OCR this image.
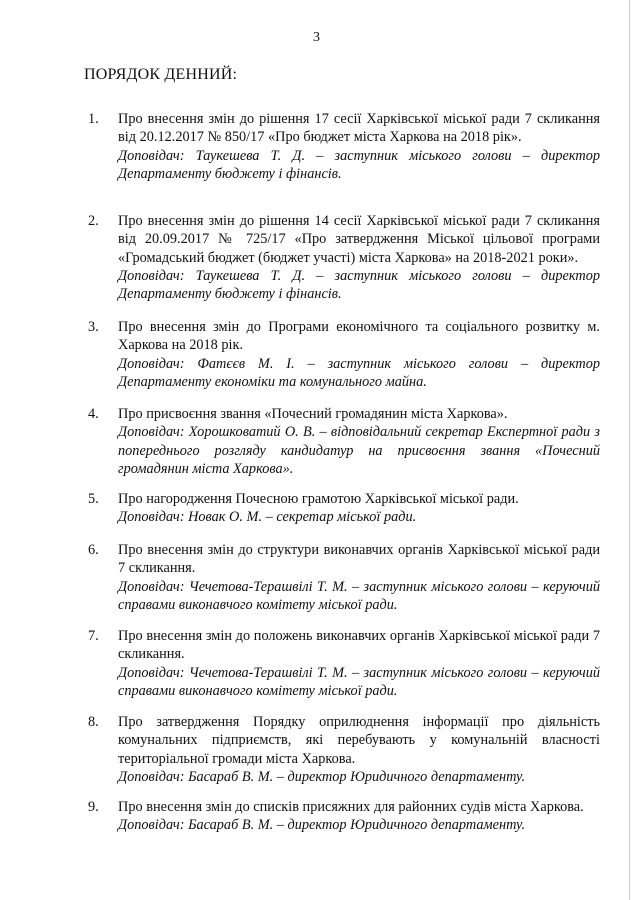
3
ПОРЯДОК ДЕННИЙ:
1. Про внесення змін до рішення 17 сесії Харківської міської ради 7 скликання від 20.12.2017 № 850/17 «Про бюджет міста Харкова на 2018 рік».
Доповідач: Таукешева Т. Д. – заступник міського голови – директор Департаменту бюджету і фінансів.
2. Про внесення змін до рішення 14 сесії Харківської міської ради 7 скликання від 20.09.2017 № 725/17 «Про затвердження Міської цільової програми «Громадський бюджет (бюджет участі) міста Харкова» на 2018-2021 роки».
Доповідач: Таукешева Т. Д. – заступник міського голови – директор Департаменту бюджету і фінансів.
3. Про внесення змін до Програми економічного та соціального розвитку м. Харкова на 2018 рік.
Доповідач: Фатєєв М. І. – заступник міського голови – директор Департаменту економіки та комунального майна.
4. Про присвоєння звання «Почесний громадянин міста Харкова».
Доповідач: Хорошковатий О. В. – відповідальний секретар Експертної ради з попереднього розгляду кандидатур на присвоєння звання «Почесний громадянин міста Харкова».
5. Про нагородження Почесною грамотою Харківської міської ради.
Доповідач: Новак О. М. – секретар міської ради.
6. Про внесення змін до структури виконавчих органів Харківської міської ради 7 скликання.
Доповідач: Чечетова-Терашвілі Т. М. – заступник міського голови – керуючий справами виконавчого комітету міської ради.
7. Про внесення змін до положень виконавчих органів Харківської міської ради 7 скликання.
Доповідач: Чечетова-Терашвілі Т. М. – заступник міського голови – керуючий справами виконавчого комітету міської ради.
8. Про затвердження Порядку оприлюднення інформації про діяльність комунальних підприємств, які перебувають у комунальній власності територіальної громади міста Харкова.
Доповідач: Басараб В. М. – директор Юридичного департаменту.
9. Про внесення змін до списків присяжних для районних судів міста Харкова.
Доповідач: Басараб В. М. – директор Юридичного департаменту.
